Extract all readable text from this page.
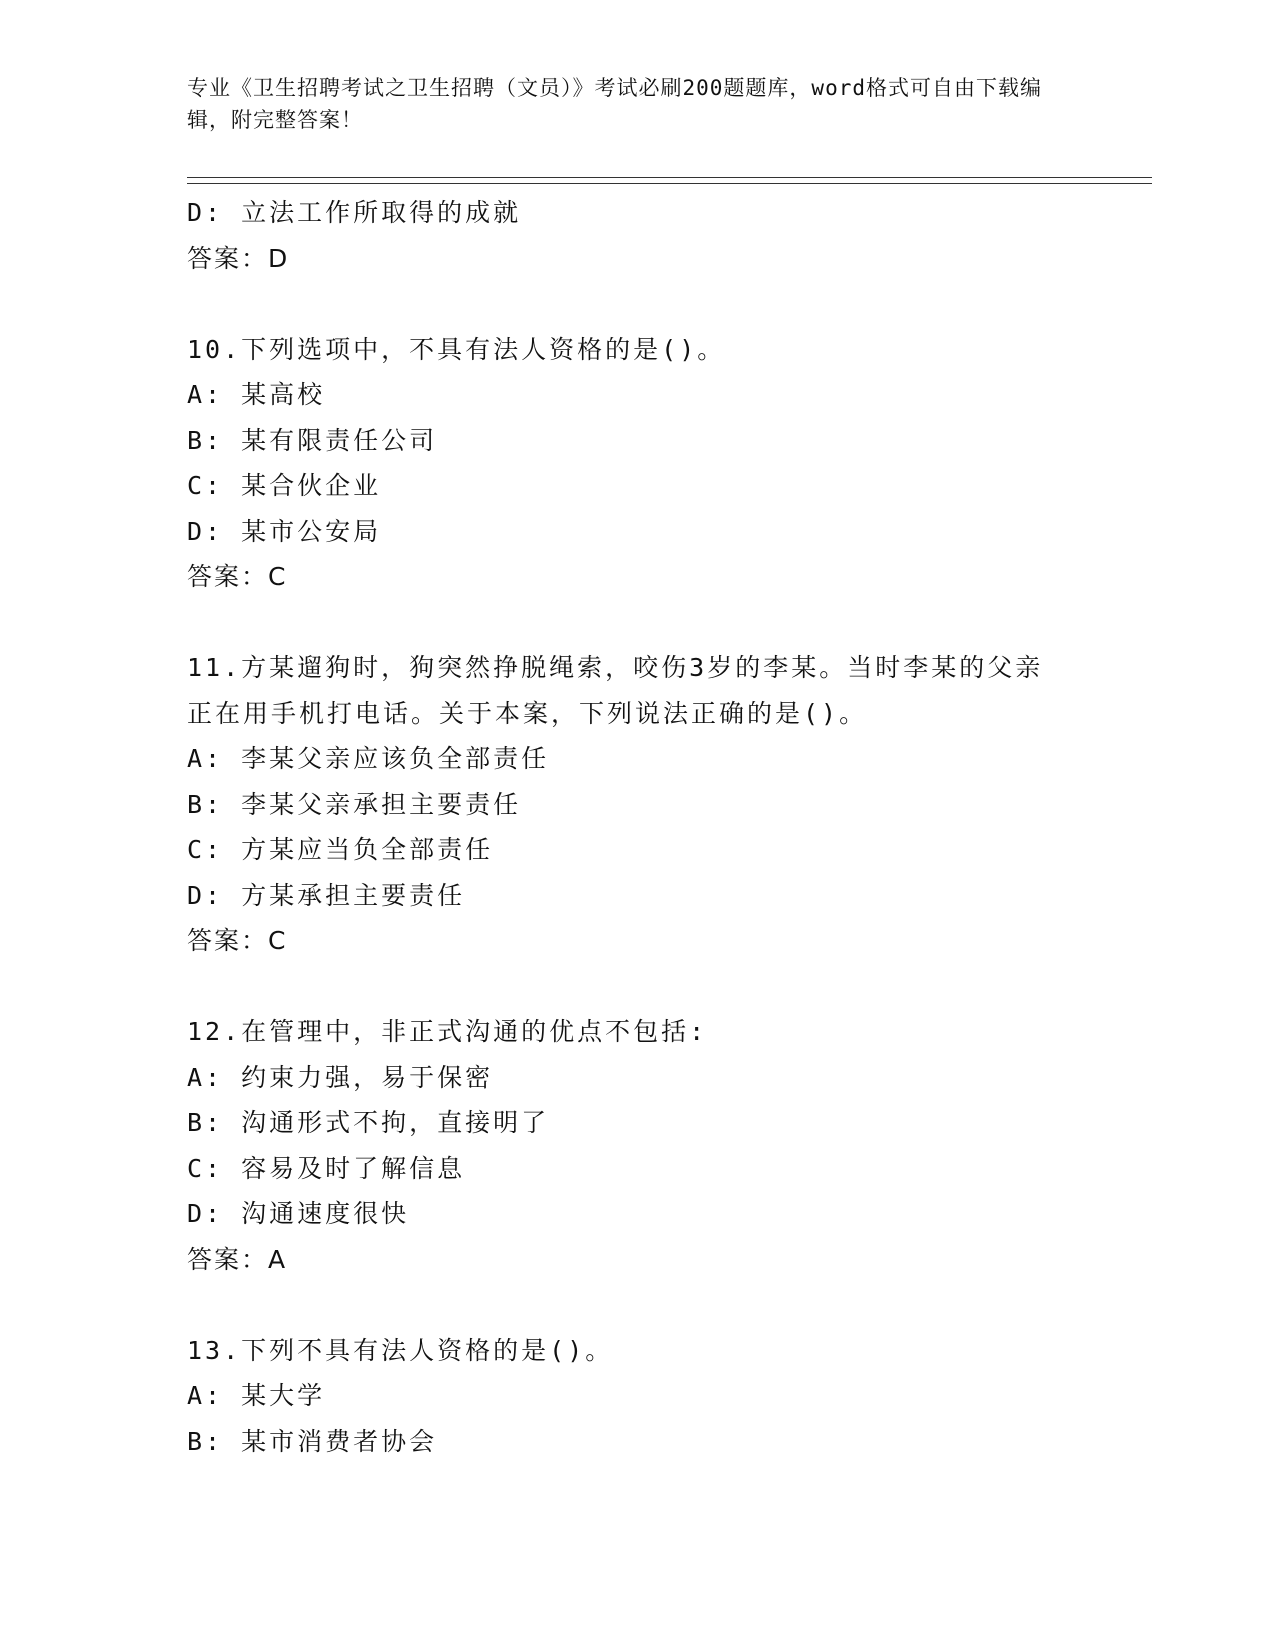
专业《卫生招聘考试之卫生招聘（文员）》考试必刷200题题库，word格式可自由下载编辑，附完整答案！
D: 立法工作所取得的成就
答案：D
10.下列选项中，不具有法人资格的是()。
A: 某高校
B: 某有限责任公司
C: 某合伙企业
D: 某市公安局
答案：C
11.方某遛狗时，狗突然挣脱绳索，咬伤3岁的李某。当时李某的父亲正在用手机打电话。关于本案，下列说法正确的是()。
A: 李某父亲应该负全部责任
B: 李某父亲承担主要责任
C: 方某应当负全部责任
D: 方某承担主要责任
答案：C
12.在管理中，非正式沟通的优点不包括:
A: 约束力强，易于保密
B: 沟通形式不拘，直接明了
C: 容易及时了解信息
D: 沟通速度很快
答案：A
13.下列不具有法人资格的是()。
A: 某大学
B: 某市消费者协会
